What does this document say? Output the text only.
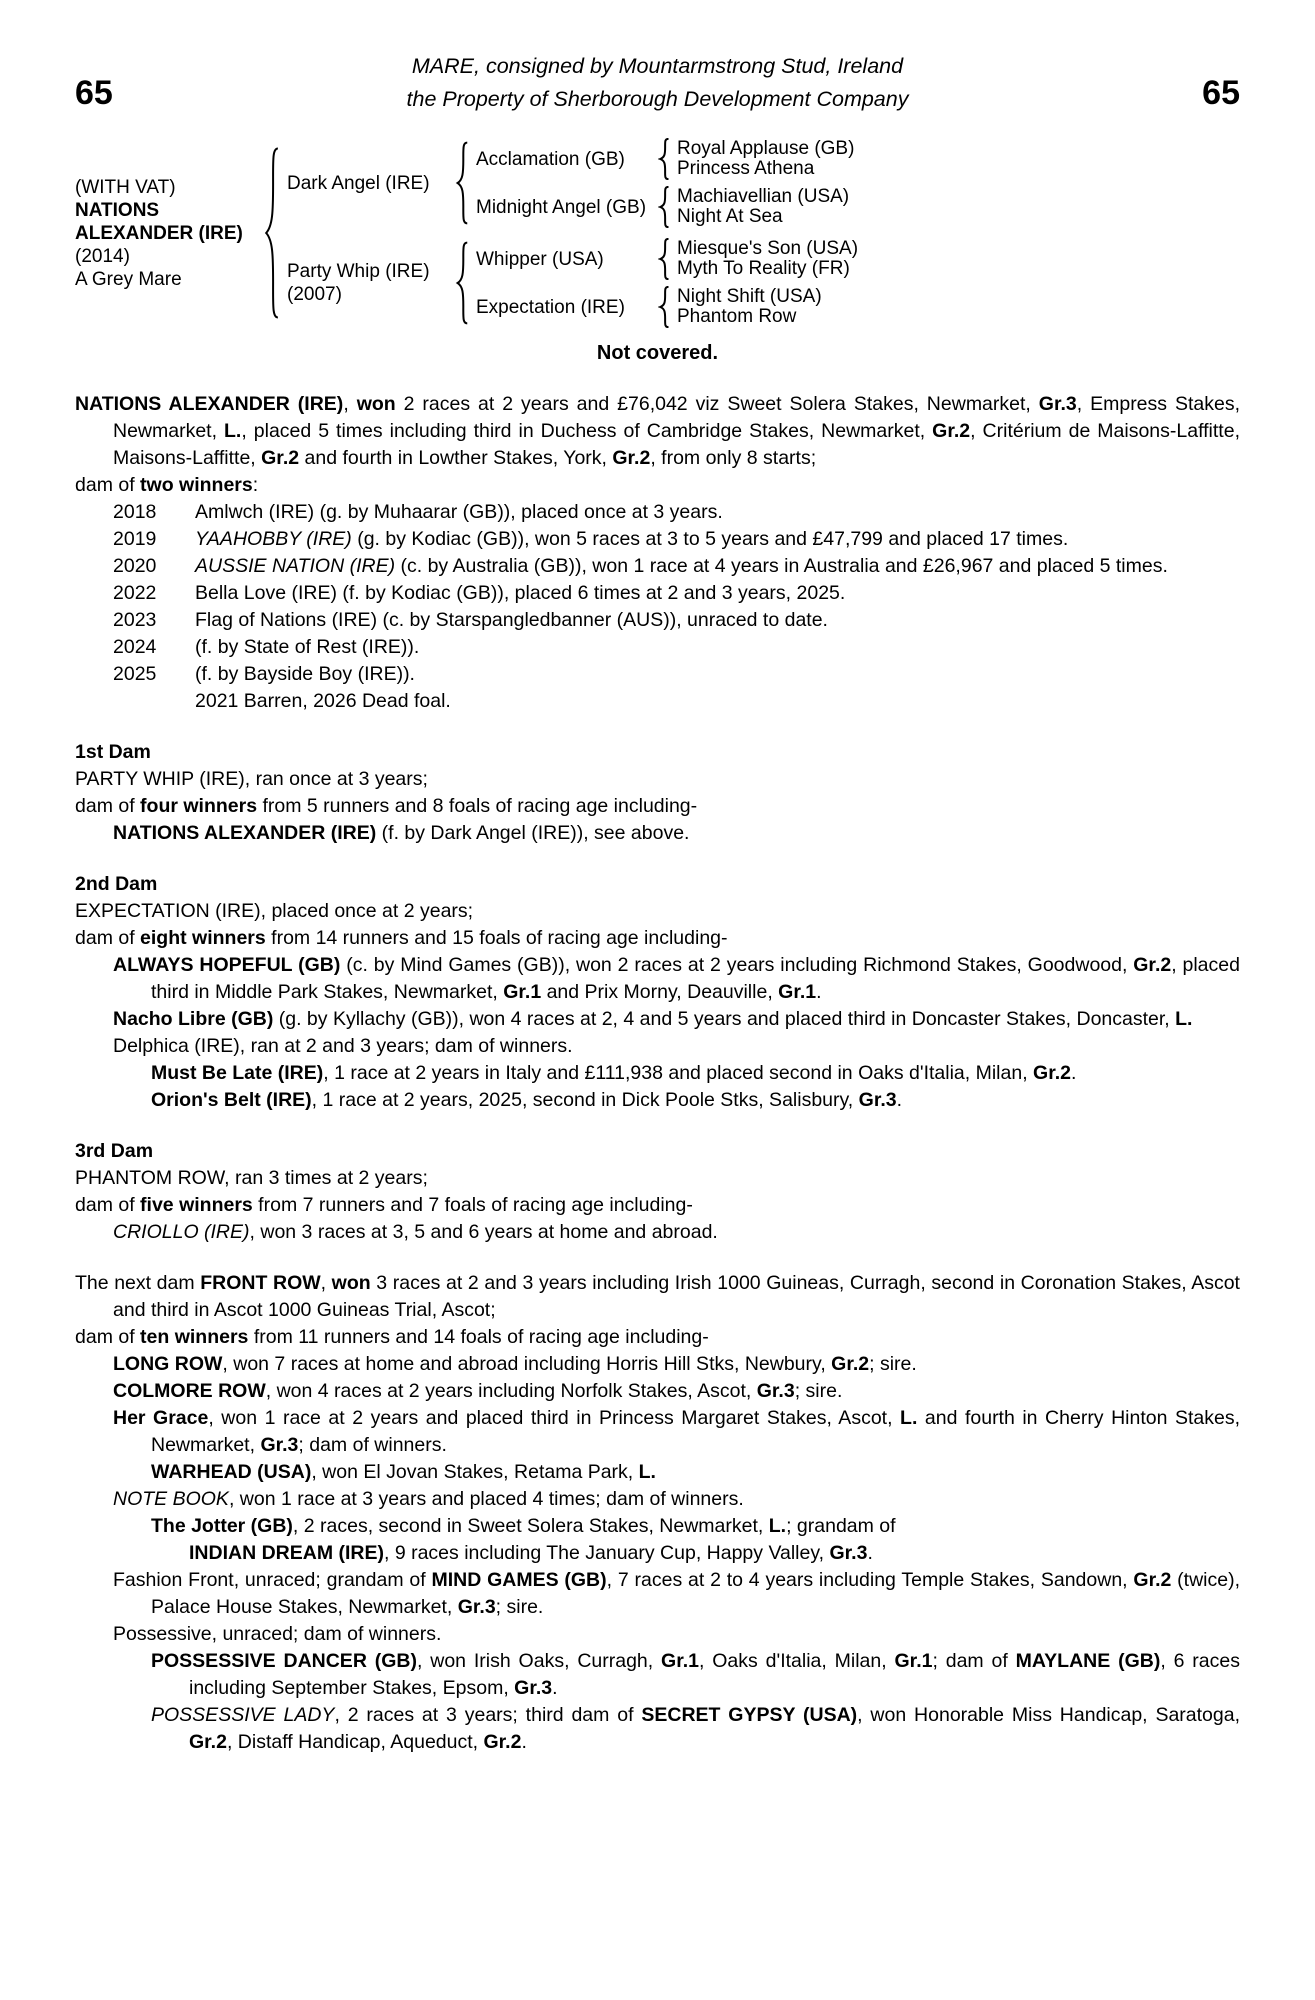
65
MARE, consigned by Mountarmstrong Stud, Ireland
the Property of Sherborough Development Company	65
(WITH VAT)
NATIONS ALEXANDER (IRE)
(2014)
A Grey Mare
Dark Angel (IRE)
Acclamation (GB)	Royal Applause (GB)
Princess Athena
Midnight Angel (GB)	Machiavellian (USA)
Night At Sea
Party Whip (IRE)
(2007)
Whipper (USA)	Miesque's Son (USA)
Myth To Reality (FR)
Expectation (IRE)	Night Shift (USA)
Phantom Row
Not covered.
NATIONS ALEXANDER (IRE), won 2 races at 2 years and £76,042 viz Sweet Solera Stakes, Newmarket, Gr.3, Empress Stakes, Newmarket, L., placed 5 times including third in Duchess of Cambridge Stakes, Newmarket, Gr.2, Critérium de Maisons-Laffitte, Maisons-Laffitte, Gr.2 and fourth in Lowther Stakes, York, Gr.2, from only 8 starts;
dam of two winners:
2018	Amlwch (IRE) (g. by Muhaarar (GB)), placed once at 3 years.
2019	YAAHOBBY (IRE) (g. by Kodiac (GB)), won 5 races at 3 to 5 years and £47,799 and placed 17 times.
2020	AUSSIE NATION (IRE) (c. by Australia (GB)), won 1 race at 4 years in Australia and £26,967 and placed 5 times.
2022	Bella Love (IRE) (f. by Kodiac (GB)), placed 6 times at 2 and 3 years, 2025.
2023	Flag of Nations (IRE) (c. by Starspangledbanner (AUS)), unraced to date.
2024	(f. by State of Rest (IRE)).
2025	(f. by Bayside Boy (IRE)).
2021 Barren, 2026 Dead foal.
1st Dam
PARTY WHIP (IRE), ran once at 3 years;
dam of four winners from 5 runners and 8 foals of racing age including-
NATIONS ALEXANDER (IRE) (f. by Dark Angel (IRE)), see above.
2nd Dam
EXPECTATION (IRE), placed once at 2 years;
dam of eight winners from 14 runners and 15 foals of racing age including-
ALWAYS HOPEFUL (GB) (c. by Mind Games (GB)), won 2 races at 2 years including Richmond Stakes, Goodwood, Gr.2, placed third in Middle Park Stakes, Newmarket, Gr.1 and Prix Morny, Deauville, Gr.1.
Nacho Libre (GB) (g. by Kyllachy (GB)), won 4 races at 2, 4 and 5 years and placed third in Doncaster Stakes, Doncaster, L.
Delphica (IRE), ran at 2 and 3 years; dam of winners.
Must Be Late (IRE), 1 race at 2 years in Italy and £111,938 and placed second in Oaks d'Italia, Milan, Gr.2.
Orion's Belt (IRE), 1 race at 2 years, 2025, second in Dick Poole Stks, Salisbury, Gr.3.
3rd Dam
PHANTOM ROW, ran 3 times at 2 years;
dam of five winners from 7 runners and 7 foals of racing age including-
CRIOLLO (IRE), won 3 races at 3, 5 and 6 years at home and abroad.
The next dam FRONT ROW, won 3 races at 2 and 3 years including Irish 1000 Guineas, Curragh, second in Coronation Stakes, Ascot and third in Ascot 1000 Guineas Trial, Ascot;
dam of ten winners from 11 runners and 14 foals of racing age including-
LONG ROW, won 7 races at home and abroad including Horris Hill Stks, Newbury, Gr.2; sire.
COLMORE ROW, won 4 races at 2 years including Norfolk Stakes, Ascot, Gr.3; sire.
Her Grace, won 1 race at 2 years and placed third in Princess Margaret Stakes, Ascot, L. and fourth in Cherry Hinton Stakes, Newmarket, Gr.3; dam of winners.
WARHEAD (USA), won El Jovan Stakes, Retama Park, L.
NOTE BOOK, won 1 race at 3 years and placed 4 times; dam of winners.
The Jotter (GB), 2 races, second in Sweet Solera Stakes, Newmarket, L.; grandam of
INDIAN DREAM (IRE), 9 races including The January Cup, Happy Valley, Gr.3.
Fashion Front, unraced; grandam of MIND GAMES (GB), 7 races at 2 to 4 years including Temple Stakes, Sandown, Gr.2 (twice), Palace House Stakes, Newmarket, Gr.3; sire.
Possessive, unraced; dam of winners.
POSSESSIVE DANCER (GB), won Irish Oaks, Curragh, Gr.1, Oaks d'Italia, Milan, Gr.1; dam of MAYLANE (GB), 6 races including September Stakes, Epsom, Gr.3.
POSSESSIVE LADY, 2 races at 3 years; third dam of SECRET GYPSY (USA), won Honorable Miss Handicap, Saratoga, Gr.2, Distaff Handicap, Aqueduct, Gr.2.
